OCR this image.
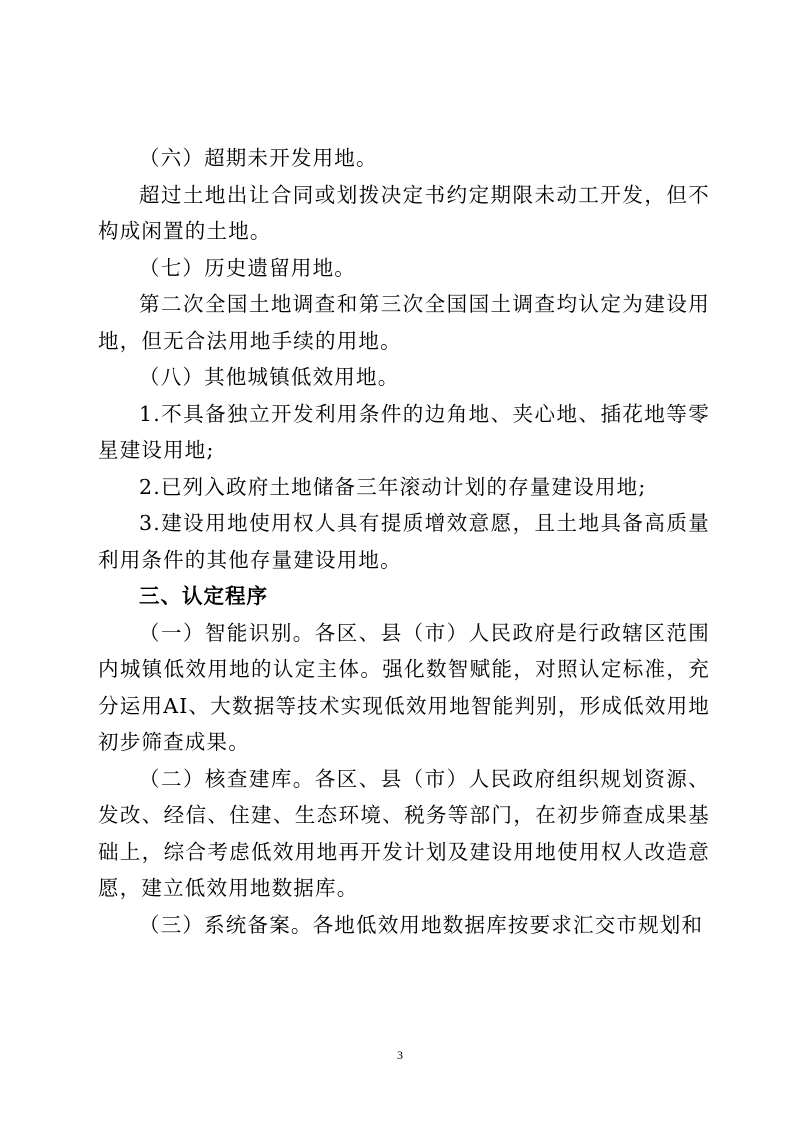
（六）超期未开发用地。

超过土地出让合同或划拨决定书约定期限未动工开发，但不构成闲置的土地。

（七）历史遗留用地。

第二次全国土地调查和第三次全国国土调查均认定为建设用地，但无合法用地手续的用地。

（八）其他城镇低效用地。

1.不具备独立开发利用条件的边角地、夹心地、插花地等零星建设用地;

2.已列入政府土地储备三年滚动计划的存量建设用地;

3.建设用地使用权人具有提质增效意愿，且土地具备高质量利用条件的其他存量建设用地。

三、认定程序

（一）智能识别。各区、县（市）人民政府是行政辖区范围内城镇低效用地的认定主体。强化数智赋能，对照认定标准，充分运用AI、大数据等技术实现低效用地智能判别，形成低效用地初步筛查成果。

（二）核查建库。各区、县（市）人民政府组织规划资源、发改、经信、住建、生态环境、税务等部门，在初步筛查成果基础上，综合考虑低效用地再开发计划及建设用地使用权人改造意愿，建立低效用地数据库。

（三）系统备案。各地低效用地数据库按要求汇交市规划和

3
